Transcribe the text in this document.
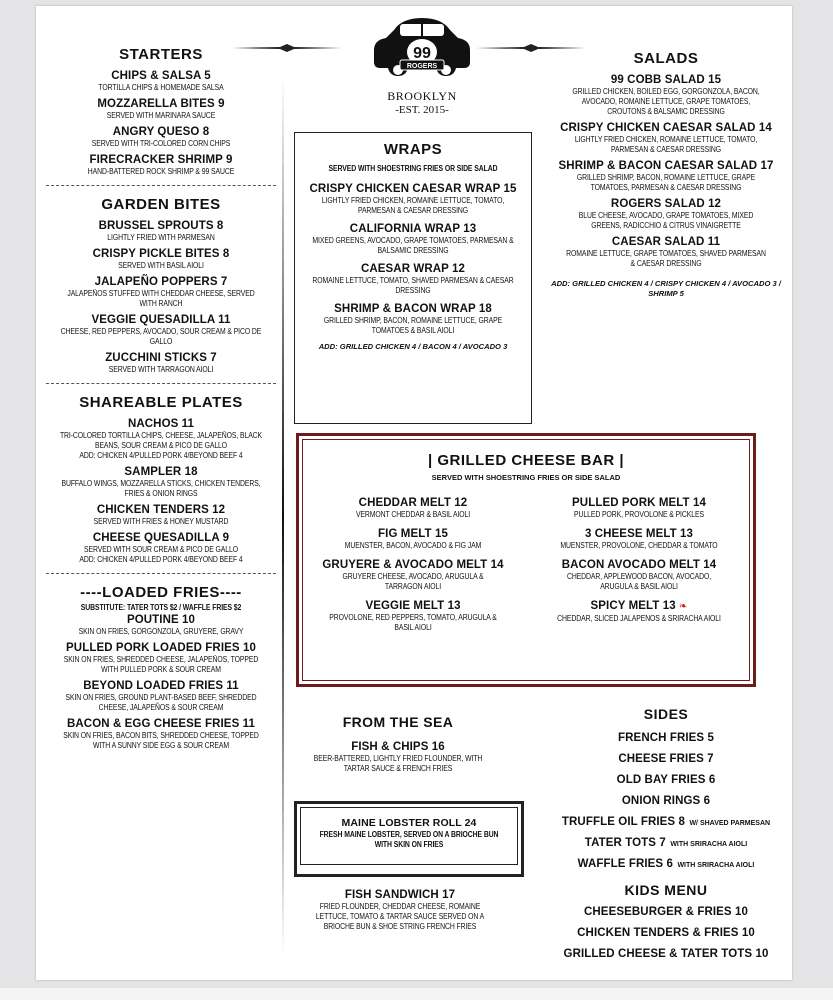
99
ROGERS
BROOKLYN
-EST. 2015-
STARTERS
CHIPS & SALSA 5
TORTILLA CHIPS & HOMEMADE SALSA
MOZZARELLA BITES 9
SERVED WITH MARINARA SAUCE
ANGRY QUESO 8
SERVED WITH TRI-COLORED CORN CHIPS
FIRECRACKER SHRIMP 9
HAND-BATTERED ROCK SHRIMP & 99 SAUCE
GARDEN BITES
BRUSSEL SPROUTS 8
LIGHTLY FRIED WITH PARMESAN
CRISPY PICKLE BITES 8
SERVED WITH BASIL AIOLI
JALAPEÑO POPPERS 7
JALAPEÑOS STUFFED WITH CHEDDAR CHEESE, SERVED WITH RANCH
VEGGIE QUESADILLA 11
CHEESE, RED PEPPERS, AVOCADO, SOUR CREAM & PICO DE GALLO
ZUCCHINI STICKS 7
SERVED WITH TARRAGON AIOLI
SHAREABLE PLATES
NACHOS 11
TRI-COLORED TORTILLA CHIPS, CHEESE, JALAPEÑOS, BLACK BEANS, SOUR CREAM & PICO DE GALLO
ADD: CHICKEN 4/PULLED PORK 4/BEYOND BEEF 4
SAMPLER 18
BUFFALO WINGS, MOZZARELLA STICKS, CHICKEN TENDERS, FRIES & ONION RINGS
CHICKEN TENDERS 12
SERVED WITH FRIES & HONEY MUSTARD
CHEESE QUESADILLA 9
SERVED WITH SOUR CREAM & PICO DE GALLO
ADD: CHICKEN 4/PULLED PORK 4/BEYOND BEEF 4
----LOADED FRIES----
SUBSTITUTE: TATER TOTS $2 / WAFFLE FRIES $2
POUTINE 10
SKIN ON FRIES, GORGONZOLA, GRUYERE, GRAVY
PULLED PORK LOADED FRIES 10
SKIN ON FRIES, SHREDDED CHEESE, JALAPEÑOS, TOPPED WITH PULLED PORK & SOUR CREAM
BEYOND LOADED FRIES 11
SKIN ON FRIES, GROUND PLANT-BASED BEEF, SHREDDED CHEESE, JALAPEÑOS & SOUR CREAM
BACON & EGG CHEESE FRIES 11
SKIN ON FRIES, BACON BITS, SHREDDED CHEESE, TOPPED WITH A SUNNY SIDE EGG & SOUR CREAM
WRAPS
SERVED WITH SHOESTRING FRIES OR SIDE SALAD
CRISPY CHICKEN CAESAR WRAP 15
LIGHTLY FRIED CHICKEN, ROMAINE LETTUCE, TOMATO, PARMESAN & CAESAR DRESSING
CALIFORNIA WRAP 13
MIXED GREENS, AVOCADO, GRAPE TOMATOES, PARMESAN & BALSAMIC DRESSING
CAESAR WRAP 12
ROMAINE LETTUCE, TOMATO, SHAVED PARMESAN & CAESAR DRESSING
SHRIMP & BACON WRAP 18
GRILLED SHRIMP, BACON, ROMAINE LETTUCE, GRAPE TOMATOES & BASIL AIOLI
ADD: GRILLED CHICKEN 4 / BACON 4 / AVOCADO 3
SALADS
99 COBB SALAD 15
GRILLED CHICKEN, BOILED EGG, GORGONZOLA, BACON, AVOCADO, ROMAINE LETTUCE, GRAPE TOMATOES, CROUTONS & BALSAMIC DRESSING
CRISPY CHICKEN CAESAR SALAD 14
LIGHTLY FRIED CHICKEN, ROMAINE LETTUCE, TOMATO, PARMESAN & CAESAR DRESSING
SHRIMP & BACON CAESAR SALAD 17
GRILLED SHRIMP, BACON, ROMAINE LETTUCE, GRAPE TOMATOES, PARMESAN & CAESAR DRESSING
ROGERS SALAD 12
BLUE CHEESE, AVOCADO, GRAPE TOMATOES, MIXED GREENS, RADICCHIO & CITRUS VINAIGRETTE
CAESAR SALAD 11
ROMAINE LETTUCE, GRAPE TOMATOES, SHAVED PARMESAN & CAESAR DRESSING
ADD: GRILLED CHICKEN 4 / CRISPY CHICKEN 4 / AVOCADO 3 / SHRIMP 5
| GRILLED CHEESE BAR |
SERVED WITH SHOESTRING FRIES OR SIDE SALAD
CHEDDAR MELT 12
VERMONT CHEDDAR & BASIL AIOLI
FIG MELT 15
MUENSTER, BACON, AVOCADO & FIG JAM
GRUYERE & AVOCADO MELT 14
GRUYERE CHEESE, AVOCADO, ARUGULA & TARRAGON AIOLI
VEGGIE MELT 13
PROVOLONE, RED PEPPERS, TOMATO, ARUGULA & BASIL AIOLI
PULLED PORK MELT 14
PULLED PORK, PROVOLONE & PICKLES
3 CHEESE MELT 13
MUENSTER, PROVOLONE, CHEDDAR & TOMATO
BACON AVOCADO MELT 14
CHEDDAR, APPLEWOOD BACON, AVOCADO, ARUGULA & BASIL AIOLI
SPICY MELT 13 ❧
CHEDDAR, SLICED JALAPENOS & SRIRACHA AIOLI
FROM THE SEA
FISH & CHIPS 16
BEER-BATTERED, LIGHTLY FRIED FLOUNDER, WITH TARTAR SAUCE & FRENCH FRIES
MAINE LOBSTER ROLL 24
FRESH MAINE LOBSTER, SERVED ON A BRIOCHE BUN WITH SKIN ON FRIES
FISH SANDWICH 17
FRIED FLOUNDER, CHEDDAR CHEESE, ROMAINE LETTUCE, TOMATO & TARTAR SAUCE SERVED ON A BRIOCHE BUN & SHOE STRING FRENCH FRIES
SIDES
FRENCH FRIES 5
CHEESE FRIES 7
OLD BAY FRIES 6
ONION RINGS 6
TRUFFLE OIL FRIES 8 W/ SHAVED PARMESAN
TATER TOTS 7 WITH SRIRACHA AIOLI
WAFFLE FRIES 6 WITH SRIRACHA AIOLI
KIDS MENU
CHEESEBURGER & FRIES 10
CHICKEN TENDERS & FRIES 10
GRILLED CHEESE & TATER TOTS 10
